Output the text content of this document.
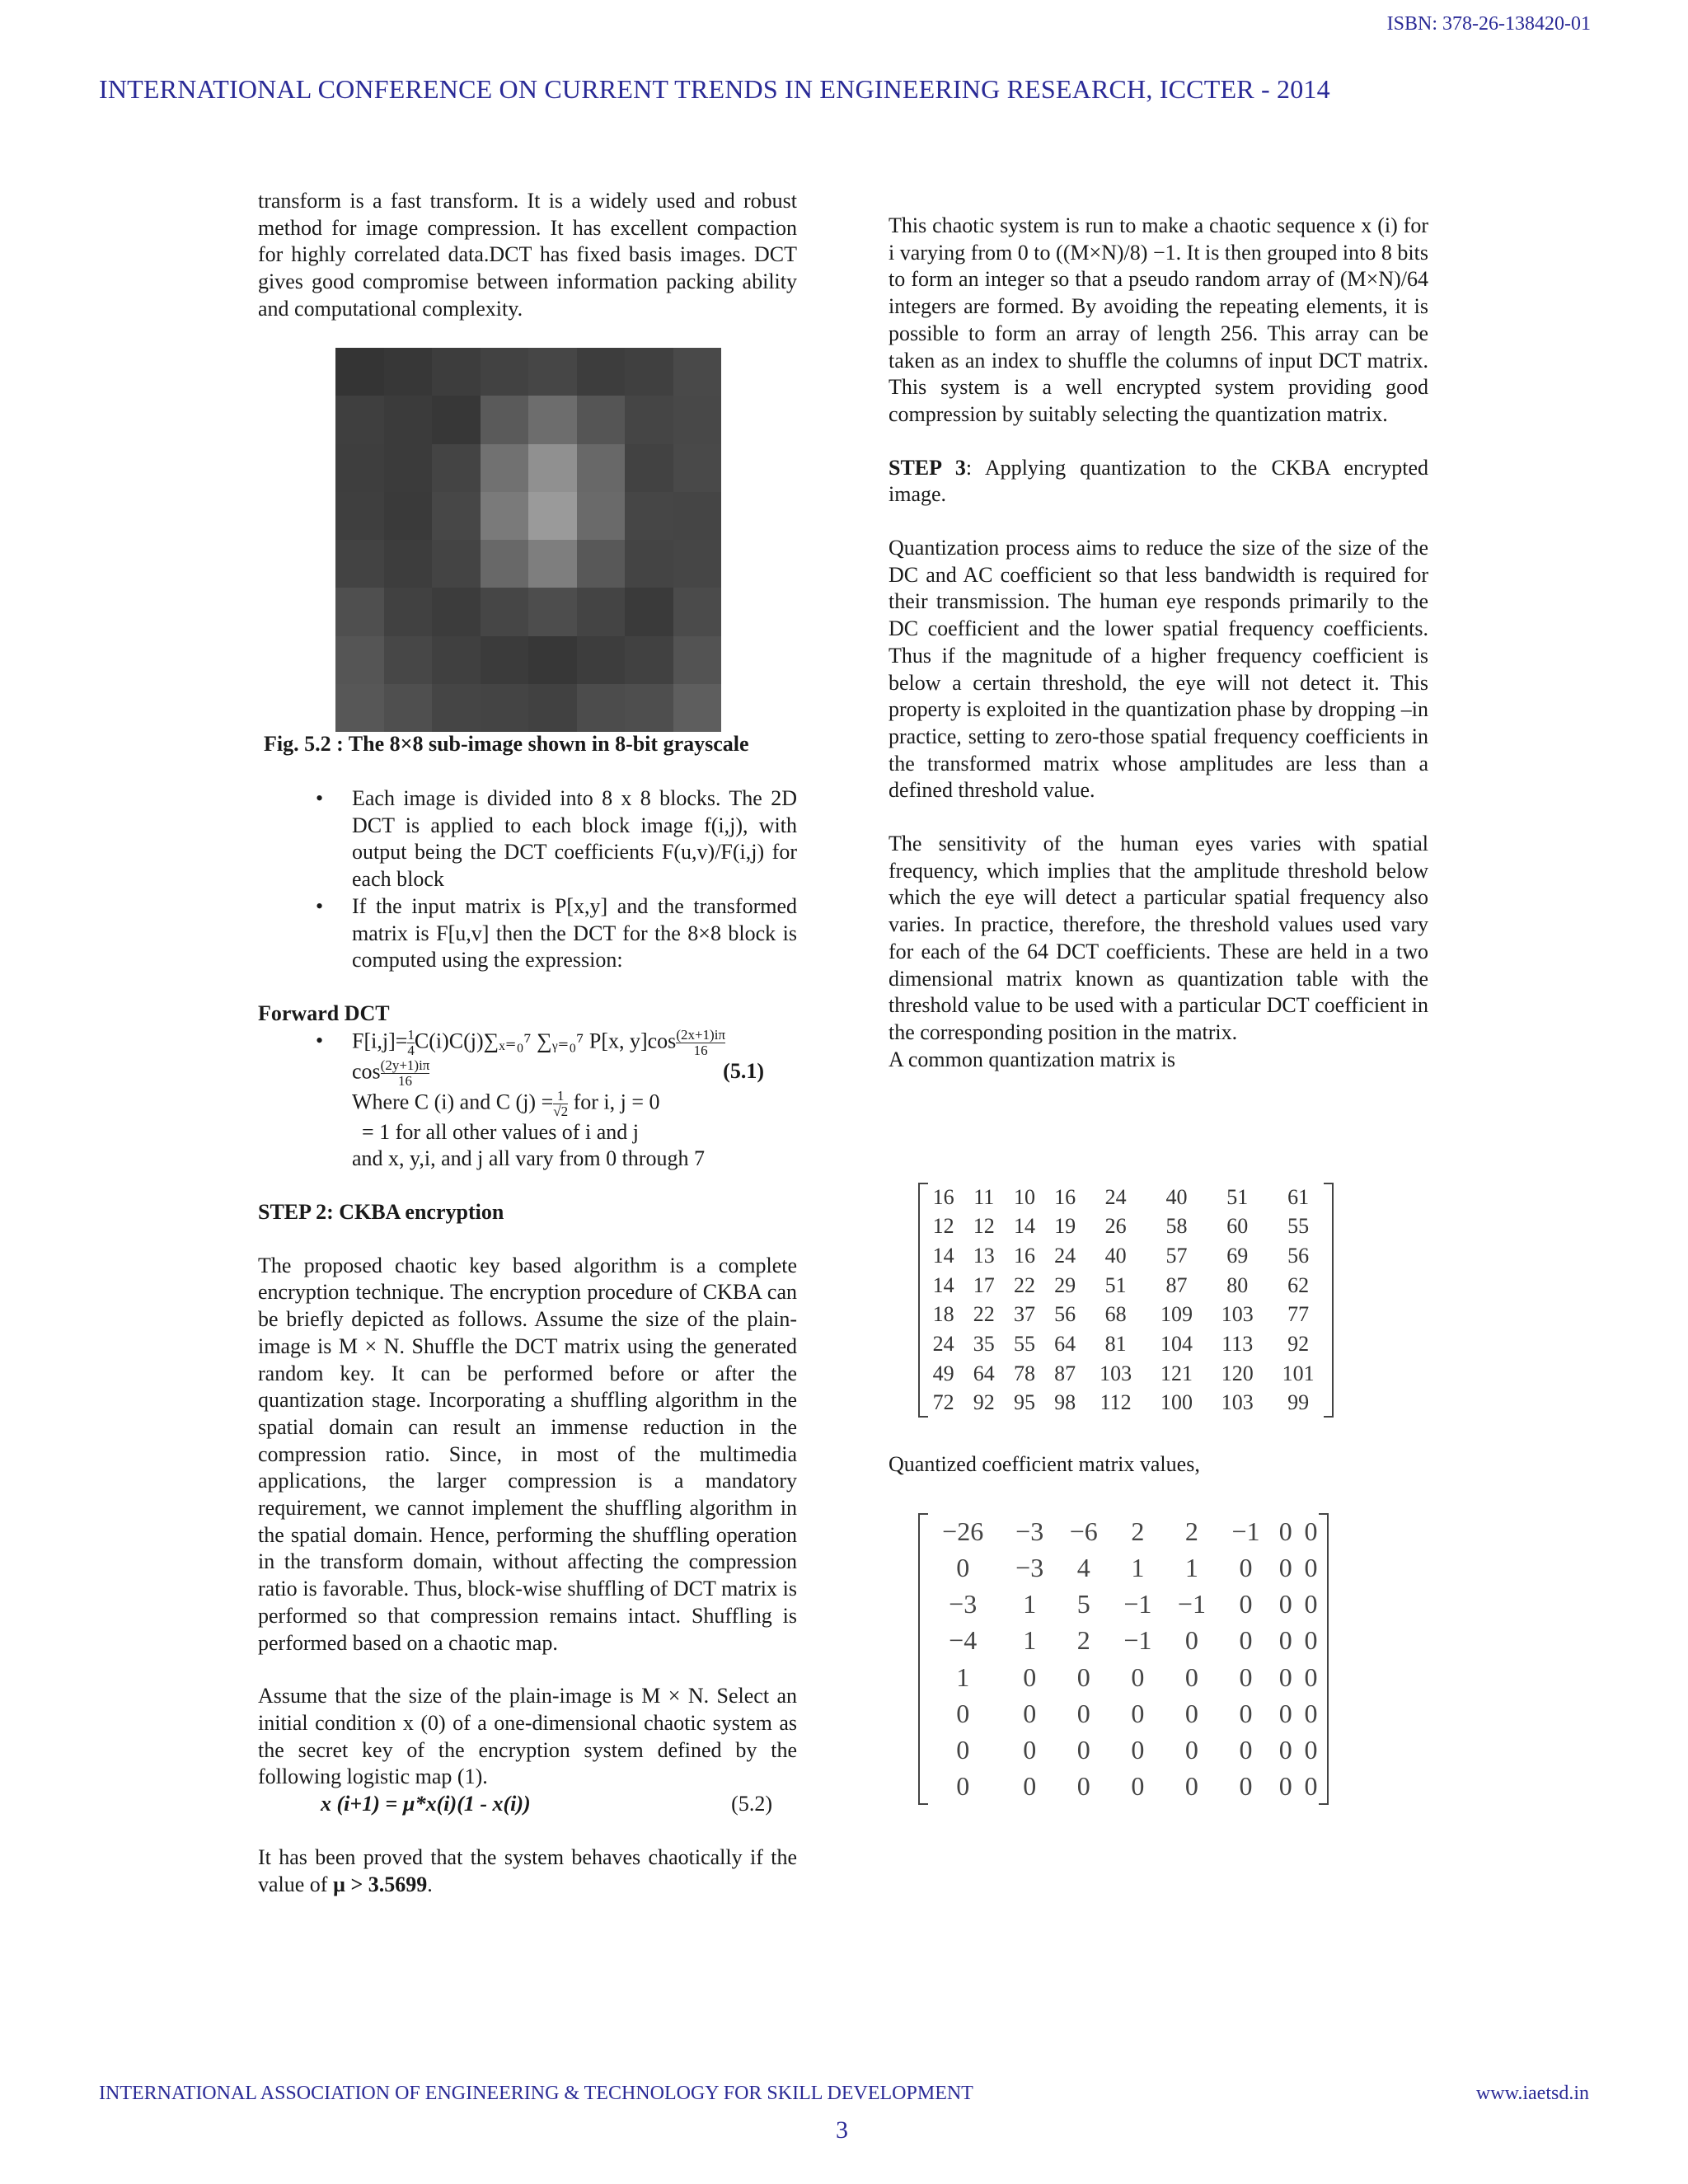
ISBN: 378-26-138420-01
INTERNATIONAL CONFERENCE ON CURRENT TRENDS IN ENGINEERING RESEARCH, ICCTER - 2014

transform is a fast transform. It is a widely used and robust method for image compression. It has excellent compaction for highly correlated data.DCT has fixed basis images. DCT gives good compromise between information packing ability and computational complexity.

Fig. 5.2 : The 8×8 sub-image shown in 8-bit grayscale
• Each image is divided into 8 x 8 blocks. The 2D DCT is applied to each block image f(i,j), with output being the DCT coefficients F(u,v)/F(i,j) for each block
• If the input matrix is P[x,y] and the transformed matrix is F[u,v] then the DCT for the 8×8 block is computed using the expression:

Forward DCT

• $F[i,j]= \frac{1}{4} C(i)C(j)\sum_{x=0}^7$ ∑ᵧ₌₀⁷ P[x, $y]\cos \frac{(2x+1)i\pi}{16}$
$\cos \frac{(2y+1)i\pi}{16}$	(5.1)
Where C (i) and C $(j) = \frac{1}{√2}$ for i, j = 0
= 1 for all other values of i and j
and x, y,i, and j all vary from 0 through 7

STEP 2: CKBA encryption

The proposed chaotic key based algorithm is a complete encryption technique. The encryption procedure of CKBA can be briefly depicted as follows. Assume the size of the plain-image is M × N. Shuffle the DCT matrix using the generated random key. It can be performed before or after the quantization stage. Incorporating a shuffling algorithm in the spatial domain can result an immense reduction in the compression ratio. Since, in most of the multimedia applications, the larger compression is a mandatory requirement, we cannot implement the shuffling algorithm in the spatial domain. Hence, performing the shuffling operation in the transform domain, without affecting the compression ratio is favorable. Thus, block-wise shuffling of DCT matrix is performed so that compression remains intact. Shuffling is performed based on a chaotic map.

Assume that the size of the plain-image is M × N. Select an initial condition x (0) of a one-dimensional chaotic system as the secret key of the encryption system defined by the following logistic map (1).

x (i+1) = µ*x(i)(1 - x(i))	(5.2)

It has been proved that the system behaves chaotically if the value of µ > 3.5699.

This chaotic system is run to make a chaotic sequence x (i) for i varying from 0 to ((M×N)/8) −1. It is then grouped into 8 bits to form an integer so that a pseudo random array of (M×N)/64 integers are formed. By avoiding the repeating elements, it is possible to form an array of length 256. This array can be taken as an index to shuffle the columns of input DCT matrix. This system is a well encrypted system providing good compression by suitably selecting the quantization matrix.

STEP 3: Applying quantization to the CKBA encrypted image.

Quantization process aims to reduce the size of the size of the DC and AC coefficient so that less bandwidth is required for their transmission. The human eye responds primarily to the DC coefficient and the lower spatial frequency coefficients. Thus if the magnitude of a higher frequency coefficient is below a certain threshold, the eye will not detect it. This property is exploited in the quantization phase by dropping –in practice, setting to zero-those spatial frequency coefficients in the transformed matrix whose amplitudes are less than a defined threshold value.

The sensitivity of the human eyes varies with spatial frequency, which implies that the amplitude threshold below which the eye will detect a particular spatial frequency also varies. In practice, therefore, the threshold values used vary for each of the 64 DCT coefficients. These are held in a two dimensional matrix known as quantization table with the threshold value to be used with a particular DCT coefficient in the corresponding position in the matrix.

A common quantization matrix is

16	11	10	16	24	40	51	61
12	12	14	19	26	58	60	55
14	13	16	24	40	57	69	56
14	17	22	29	51	87	80	62
18	22	37	56	68	109	103	77
24	35	55	64	81	104	113	92
49	64	78	87	103	121	120	101
72	92	95	98	112	100	103	99
Quantized coefficient matrix values,
−26	−3	−6	2	2	−1	0	0
0	−3	4	1	1	0	0	0
−3	1	5	−1	−1	0	0	0
−4	1	2	−1	0	0	0	0
1	0	0	0	0	0	0	0
0	0	0	0	0	0	0	0
0	0	0	0	0	0	0	0
0	0	0	0	0	0	0	0
INTERNATIONAL ASSOCIATION OF ENGINEERING & TECHNOLOGY FOR SKILL DEVELOPMENT	www.iaetsd.in
3
